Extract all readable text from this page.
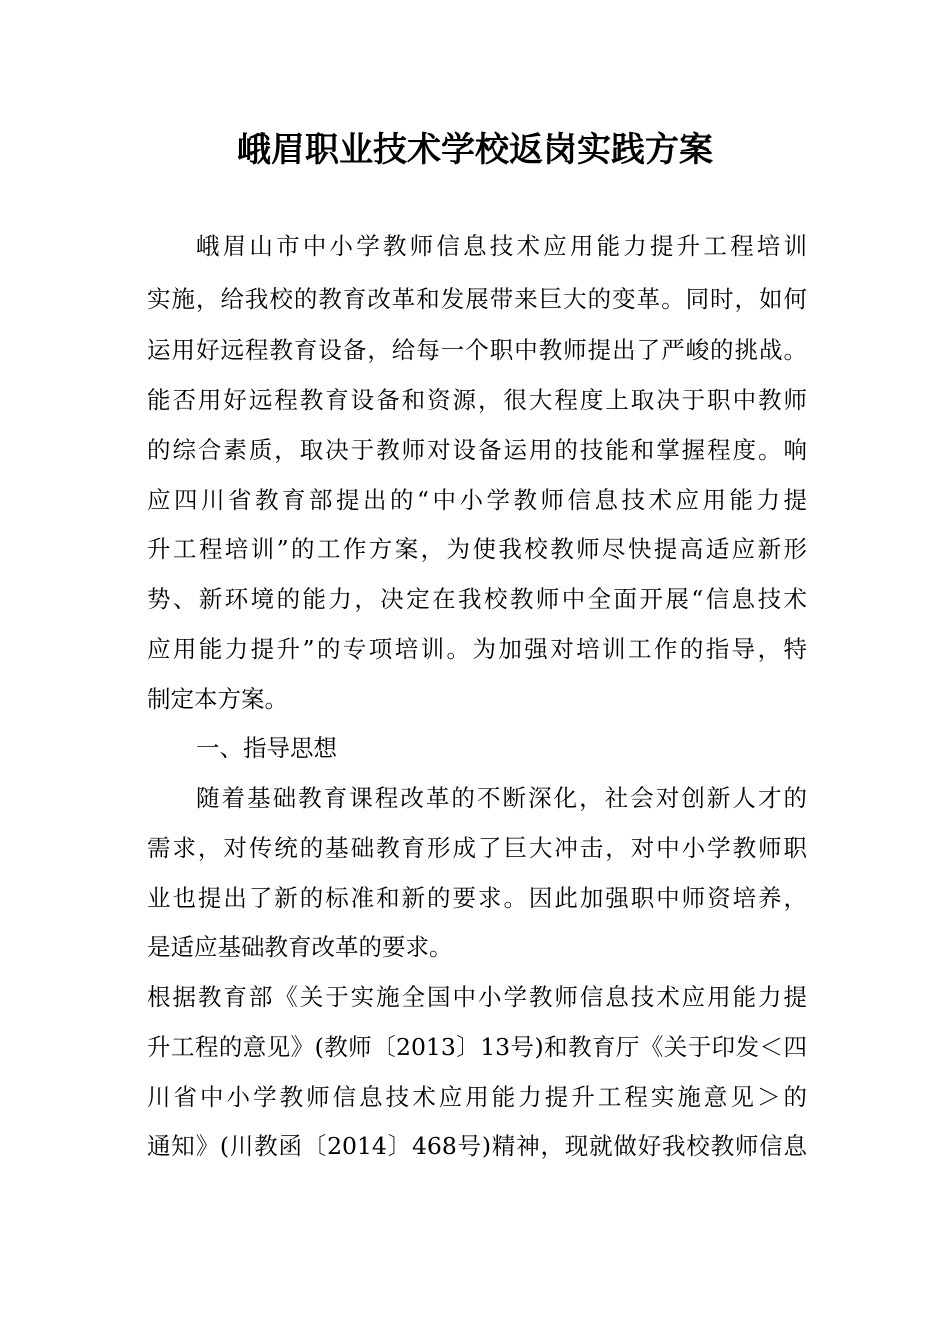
峨眉职业技术学校返岗实践方案
峨眉山市中小学教师信息技术应用能力提升工程培训
实施，给我校的教育改革和发展带来巨大的变革。同时，如何
运用好远程教育设备，给每一个职中教师提出了严峻的挑战。
能否用好远程教育设备和资源，很大程度上取决于职中教师
的综合素质，取决于教师对设备运用的技能和掌握程度。响
应四川省教育部提出的“中小学教师信息技术应用能力提
升工程培训”的工作方案，为使我校教师尽快提高适应新形
势、新环境的能力，决定在我校教师中全面开展“信息技术
应用能力提升”的专项培训。为加强对培训工作的指导，特
制定本方案。
一、指导思想
随着基础教育课程改革的不断深化，社会对创新人才的
需求，对传统的基础教育形成了巨大冲击，对中小学教师职
业也提出了新的标准和新的要求。因此加强职中师资培养，
是适应基础教育改革的要求。
根据教育部《关于实施全国中小学教师信息技术应用能力提
升工程的意见》(教师〔2013〕13号)和教育厅《关于印发＜四
川省中小学教师信息技术应用能力提升工程实施意见＞的
通知》(川教函〔2014〕468号)精神，现就做好我校教师信息
